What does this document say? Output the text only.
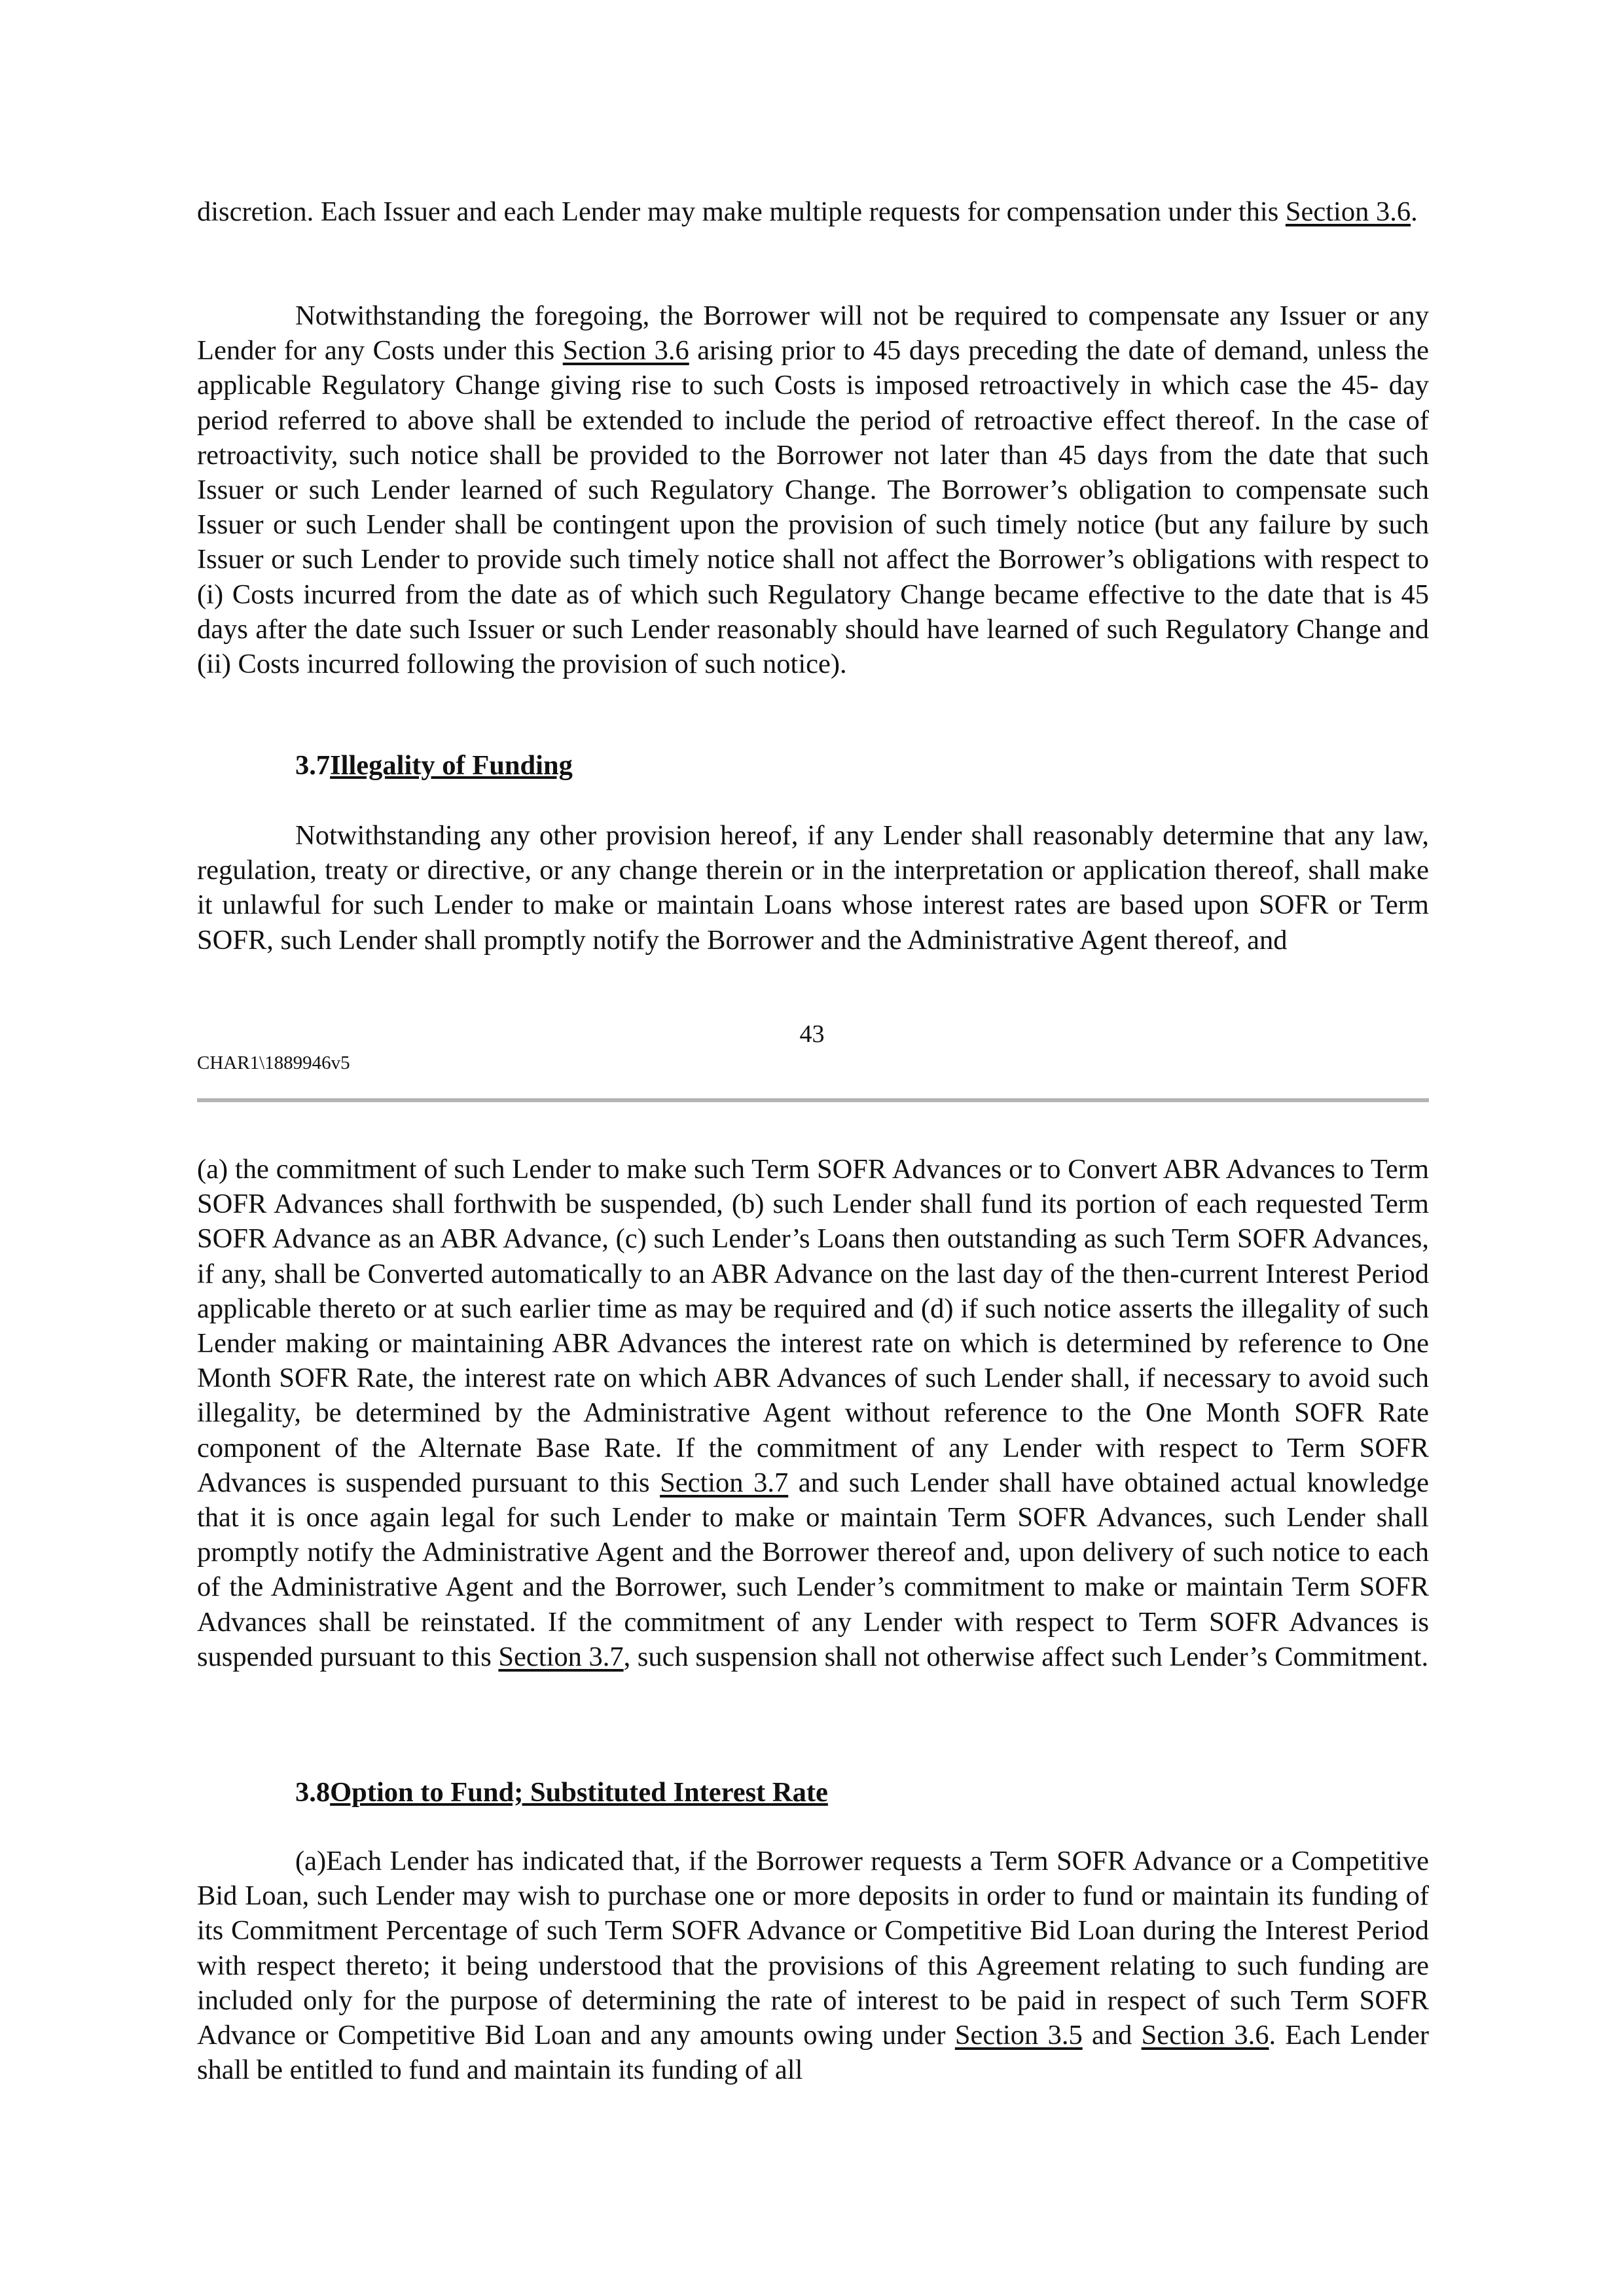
discretion. Each Issuer and each Lender may make multiple requests for compensation under this Section 3.6.

Notwithstanding the foregoing, the Borrower will not be required to compensate any Issuer or any Lender for any Costs under this Section 3.6 arising prior to 45 days preceding the date of demand, unless the applicable Regulatory Change giving rise to such Costs is imposed retroactively in which case the 45- day period referred to above shall be extended to include the period of retroactive effect thereof. In the case of retroactivity, such notice shall be provided to the Borrower not later than 45 days from the date that such Issuer or such Lender learned of such Regulatory Change. The Borrower’s obligation to compensate such Issuer or such Lender shall be contingent upon the provision of such timely notice (but any failure by such Issuer or such Lender to provide such timely notice shall not affect the Borrower’s obligations with respect to (i) Costs incurred from the date as of which such Regulatory Change became effective to the date that is 45 days after the date such Issuer or such Lender reasonably should have learned of such Regulatory Change and (ii) Costs incurred following the provision of such notice).

3.7Illegality of Funding

Notwithstanding any other provision hereof, if any Lender shall reasonably determine that any law, regulation, treaty or directive, or any change therein or in the interpretation or application thereof, shall make it unlawful for such Lender to make or maintain Loans whose interest rates are based upon SOFR or Term SOFR, such Lender shall promptly notify the Borrower and the Administrative Agent thereof, and

43

CHAR1\1889946v5

(a) the commitment of such Lender to make such Term SOFR Advances or to Convert ABR Advances to Term SOFR Advances shall forthwith be suspended, (b) such Lender shall fund its portion of each requested Term SOFR Advance as an ABR Advance, (c) such Lender’s Loans then outstanding as such Term SOFR Advances, if any, shall be Converted automatically to an ABR Advance on the last day of the then-current Interest Period applicable thereto or at such earlier time as may be required and (d) if such notice asserts the illegality of such Lender making or maintaining ABR Advances the interest rate on which is determined by reference to One Month SOFR Rate, the interest rate on which ABR Advances of such Lender shall, if necessary to avoid such illegality, be determined by the Administrative Agent without reference to the One Month SOFR Rate component of the Alternate Base Rate. If the commitment of any Lender with respect to Term SOFR Advances is suspended pursuant to this Section 3.7 and such Lender shall have obtained actual knowledge that it is once again legal for such Lender to make or maintain Term SOFR Advances, such Lender shall promptly notify the Administrative Agent and the Borrower thereof and, upon delivery of such notice to each of the Administrative Agent and the Borrower, such Lender’s commitment to make or maintain Term SOFR Advances shall be reinstated. If the commitment of any Lender with respect to Term SOFR Advances is suspended pursuant to this Section 3.7, such suspension shall not otherwise affect such Lender’s Commitment.

3.8Option to Fund; Substituted Interest Rate

(a)Each Lender has indicated that, if the Borrower requests a Term SOFR Advance or a Competitive Bid Loan, such Lender may wish to purchase one or more deposits in order to fund or maintain its funding of its Commitment Percentage of such Term SOFR Advance or Competitive Bid Loan during the Interest Period with respect thereto; it being understood that the provisions of this Agreement relating to such funding are included only for the purpose of determining the rate of interest to be paid in respect of such Term SOFR Advance or Competitive Bid Loan and any amounts owing under Section 3.5 and Section 3.6. Each Lender shall be entitled to fund and maintain its funding of all
